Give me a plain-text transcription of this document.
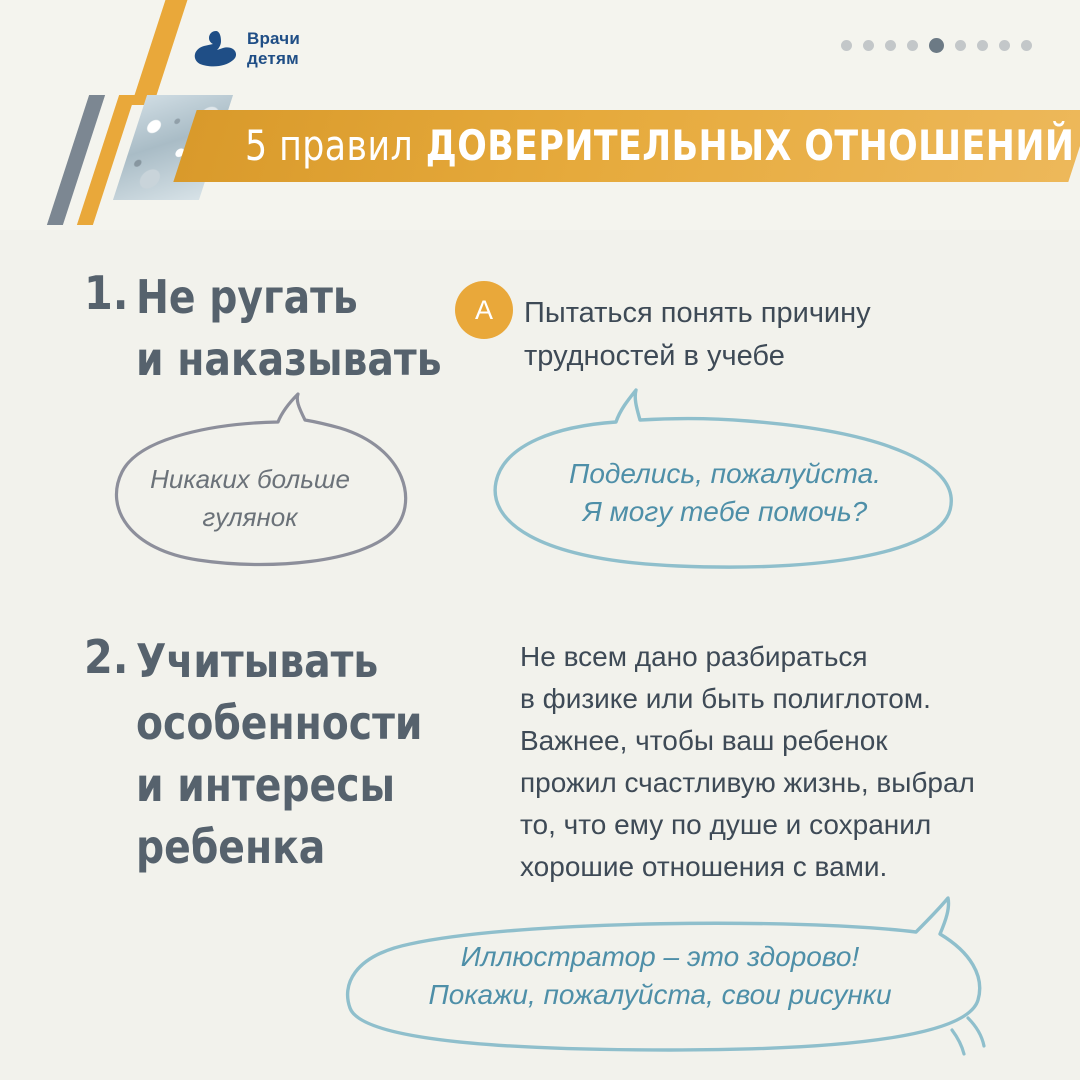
5 правил ДОВЕРИТЕЛЬНЫХ ОТНОШЕНИЙ
Врачи
детям
1. Не ругать
и наказывать
Никаких больше
гулянок
А	Пытаться понять причину
трудностей в учебе
Поделись, пожалуйста.
Я могу тебе помочь?
2. Учитывать
особенности
и интересы
ребенка
Не всем дано разбираться
в физике или быть полиглотом.
Важнее, чтобы ваш ребенок
прожил счастливую жизнь, выбрал
то, что ему по душе и сохранил
хорошие отношения с вами.
Иллюстратор – это здорово!
Покажи, пожалуйста, свои рисунки
